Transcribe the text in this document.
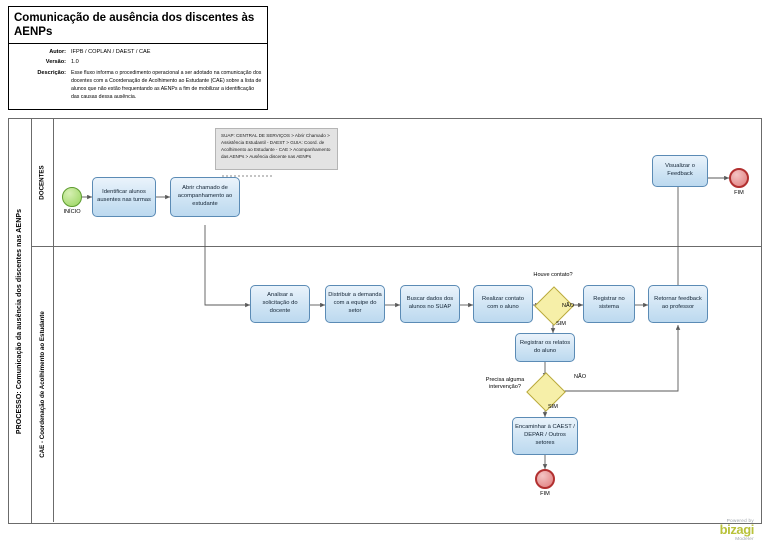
Comunicação de ausência dos discentes às AENPs
Autor: IFPB / COPLAN / DAEST / CAE
Versão: 1.0
Descrição: Esse fluxo informa o procedimento operacional a ser adotado na comunicação dos docentes com a Coordenação de Acolhimento ao Estudante (CAE) sobre a lista de alunos que não estão frequentando as AENPs a fim de mobilizar a identificação das causas dessa ausência.
PROCESSO: Comunicação da ausência dos discentes nas AENPs
DOCENTES
CAE - Coordenação de Acolhimento ao Estudante
SUAP: CENTRAL DE SERVIÇOS > Abrir Chamado > Assistência Estudantil - DAEST > GUIA: Coord. de Acolhimento ao Estudante - CAE > Acompanhamento das AENPs > Ausência discente nas AENPs
INÍCIO
FIM
FIM
Identificar alunos ausentes nas turmas
Abrir chamado de acompanhamento ao estudante
Analisar a solicitação do docente
Distribuir a demanda com a equipe do setor
Buscar dados dos alunos no SUAP
Realizar contato com o aluno
Registrar no sistema
Retornar feedback ao professor
Visualizar o Feedback
Registrar os relatos do aluno
Encaminhar à CAEST / DEPAR / Outros setores
Houve contato?
NÃO
SIM
Precisa alguma intervenção?
NÃO
SIM
Powered by
bizagi
Modeler
